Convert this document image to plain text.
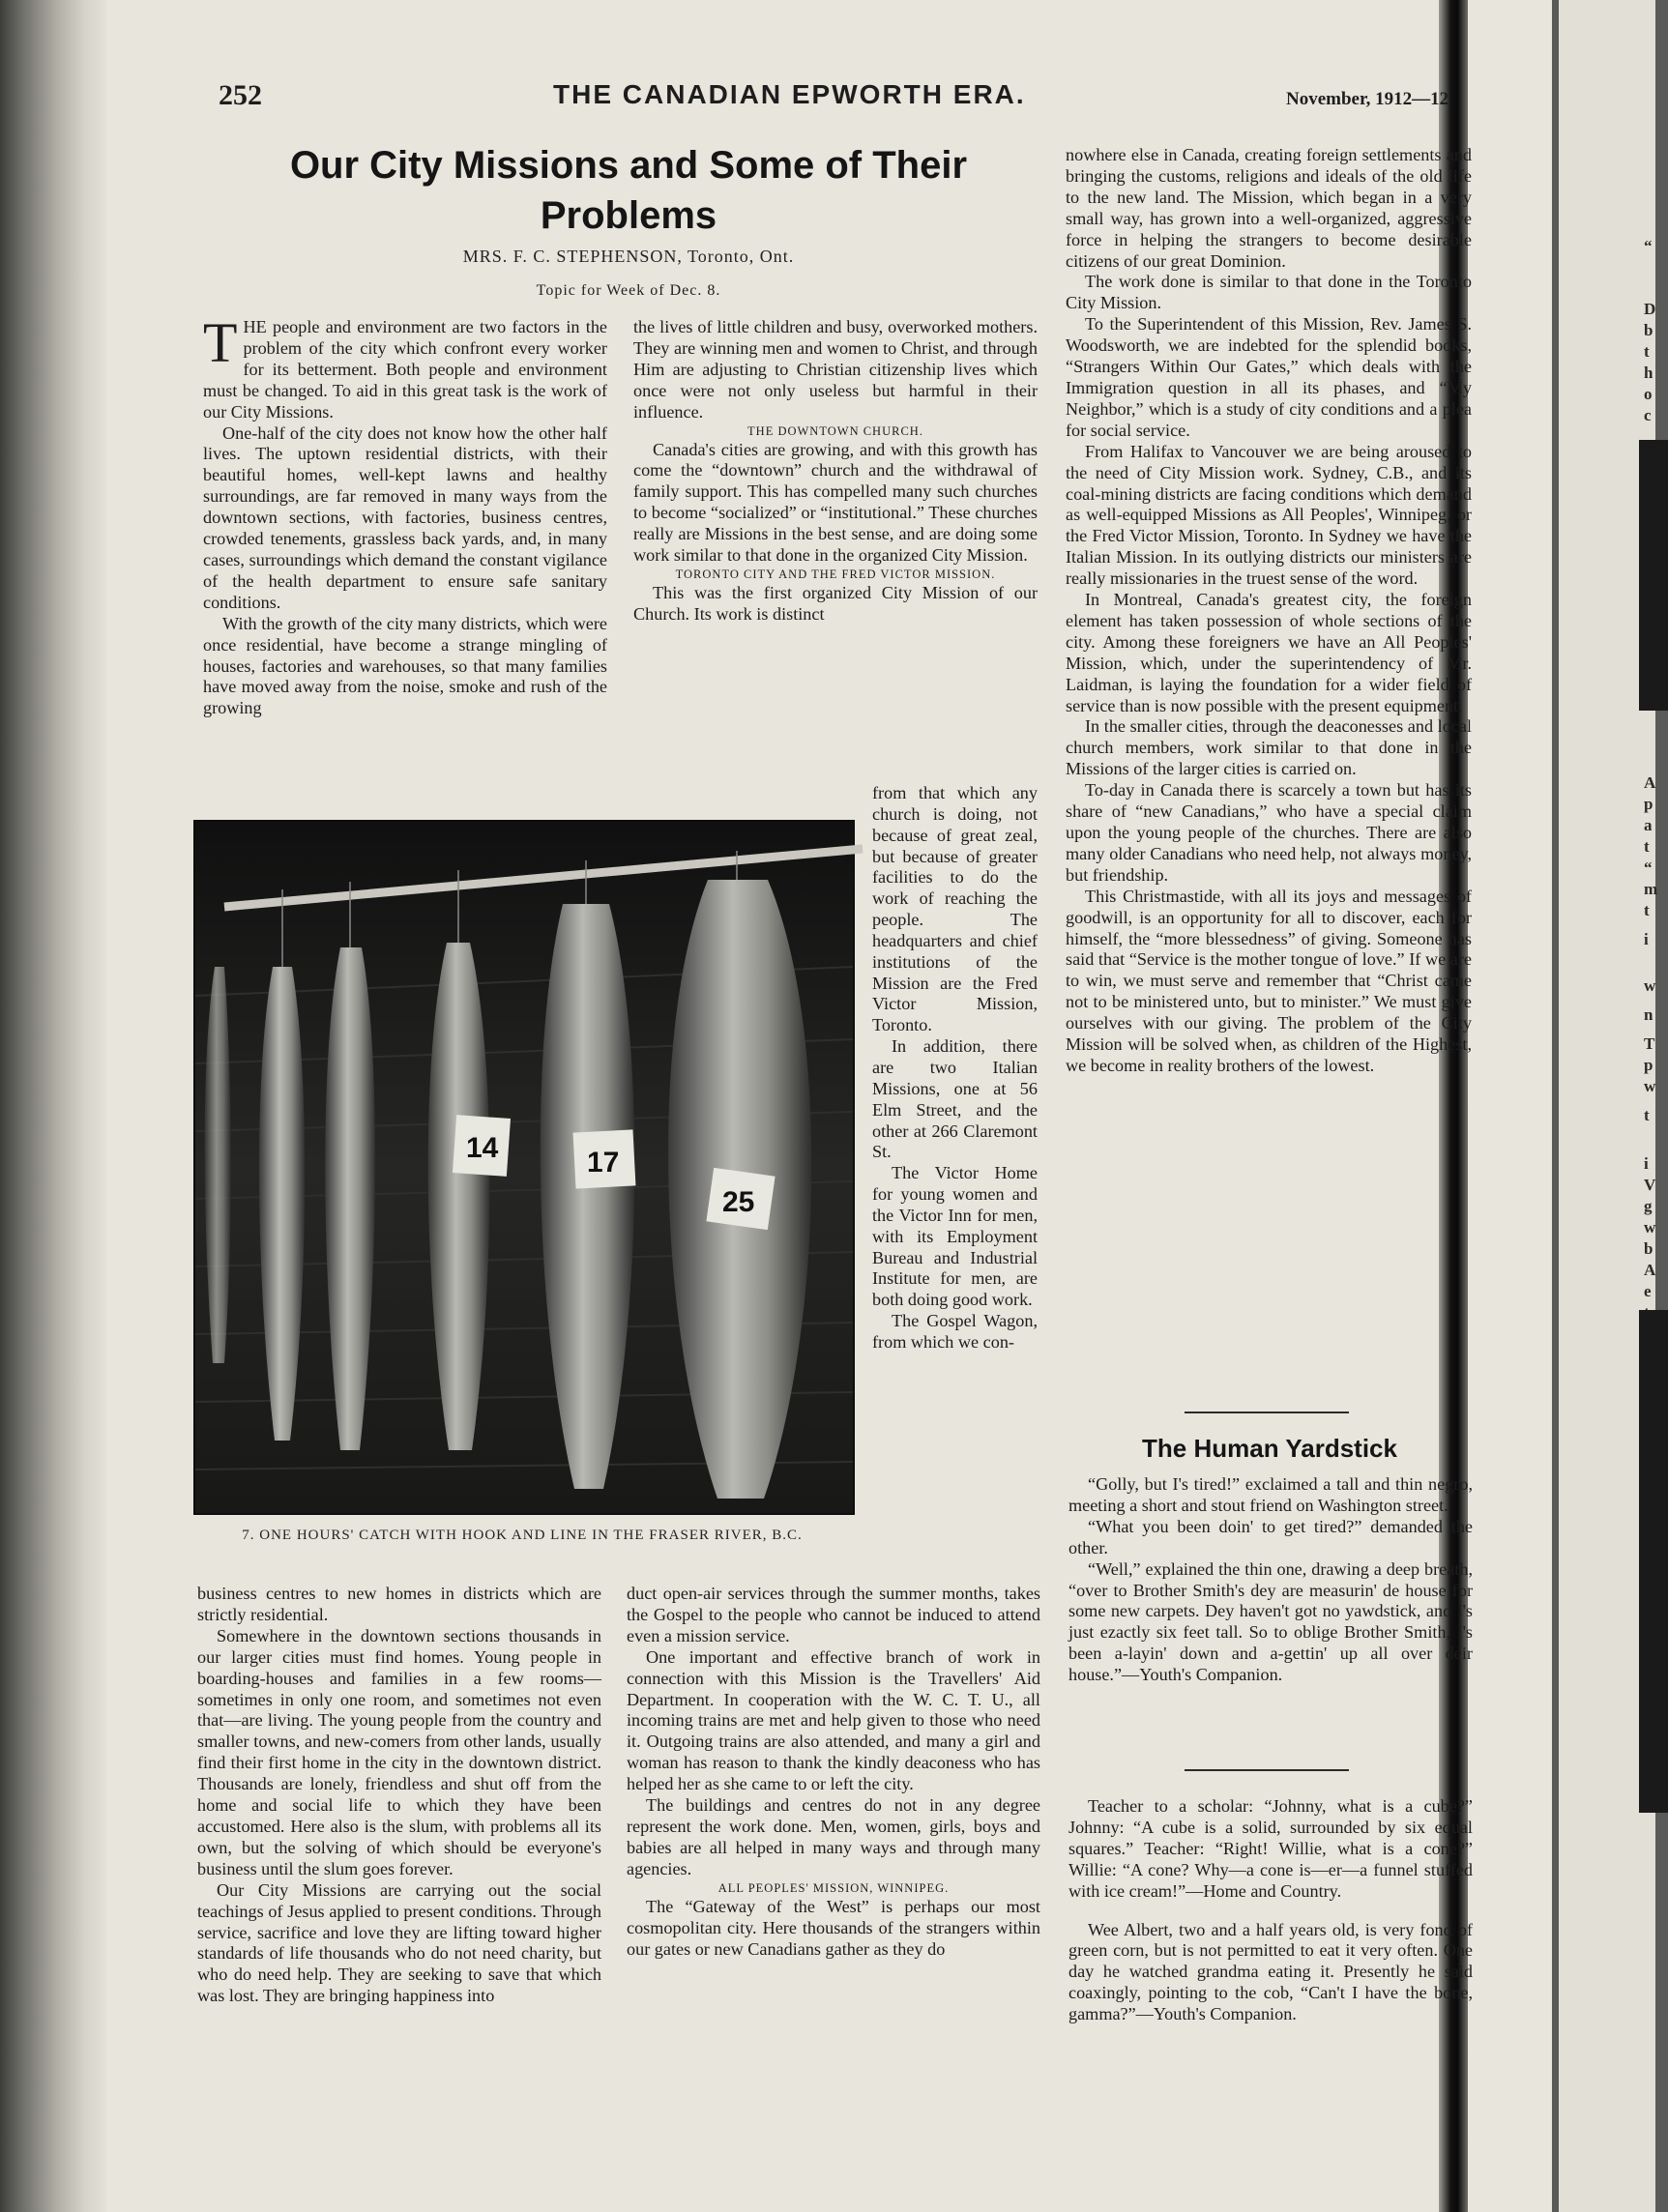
“
D
b
t
h
o
c
A
p
a
t
“
m
t
i
w
n
T
p
w
t
i
V
g
w
b
A
e
252	THE CANADIAN EPWORTH ERA.	November, 1912—12
Our City Missions and Some of Their Problems
MRS. F. C. STEPHENSON, Toronto, Ont.
Topic for Week of Dec. 8.
T HE people and environment are two factors in the problem of the city which confront every worker for its betterment. Both people and environment must be changed. To aid in this great task is the work of our City Missions.

One-half of the city does not know how the other half lives. The uptown residential districts, with their beautiful homes, well-kept lawns and healthy surroundings, are far removed in many ways from the downtown sections, with factories, business centres, crowded tenements, grassless back yards, and, in many cases, surroundings which demand the constant vigilance of the health department to ensure safe sanitary conditions.

With the growth of the city many districts, which were once residential, have become a strange mingling of houses, factories and warehouses, so that many families have moved away from the noise, smoke and rush of the growing

the lives of little children and busy, overworked mothers. They are winning men and women to Christ, and through Him are adjusting to Christian citizenship lives which once were not only useless but harmful in their influence.

THE DOWNTOWN CHURCH.

Canada's cities are growing, and with this growth has come the “downtown” church and the withdrawal of family support. This has compelled many such churches to become “socialized” or “institutional.” These churches really are Missions in the best sense, and are doing some work similar to that done in the organized City Mission.

TORONTO CITY AND THE FRED VICTOR MISSION.

This was the first organized City Mission of our Church. Its work is distinct

from that which any church is doing, not because of great zeal, but because of greater facilities to do the work of reaching the people. The headquarters and chief institutions of the Mission are the Fred Victor Mission, Toronto.

In addition, there are two Italian Missions, one at 56 Elm Street, and the other at 266 Claremont St.

The Victor Home for young women and the Victor Inn for men, with its Employment Bureau and Industrial Institute for men, are both doing good work.

The Gospel Wagon, from which we con-

14	17
25
7. ONE HOURS' CATCH WITH HOOK AND LINE IN THE FRASER RIVER, B.C.

business centres to new homes in districts which are strictly residential.

Somewhere in the downtown sections thousands in our larger cities must find homes. Young people in boarding-houses and families in a few rooms—sometimes in only one room, and sometimes not even that—are living. The young people from the country and smaller towns, and new-comers from other lands, usually find their first home in the city in the downtown district. Thousands are lonely, friendless and shut off from the home and social life to which they have been accustomed. Here also is the slum, with problems all its own, but the solving of which should be everyone's business until the slum goes forever.

Our City Missions are carrying out the social teachings of Jesus applied to present conditions. Through service, sacrifice and love they are lifting toward higher standards of life thousands who do not need charity, but who do need help. They are seeking to save that which was lost. They are bringing happiness into

duct open-air services through the summer months, takes the Gospel to the people who cannot be induced to attend even a mission service.

One important and effective branch of work in connection with this Mission is the Travellers' Aid Department. In cooperation with the W. C. T. U., all incoming trains are met and help given to those who need it. Outgoing trains are also attended, and many a girl and woman has reason to thank the kindly deaconess who has helped her as she came to or left the city.

The buildings and centres do not in any degree represent the work done. Men, women, girls, boys and babies are all helped in many ways and through many agencies.

ALL PEOPLES' MISSION, WINNIPEG.

The “Gateway of the West” is perhaps our most cosmopolitan city. Here thousands of the strangers within our gates or new Canadians gather as they do

nowhere else in Canada, creating foreign settlements and bringing the customs, religions and ideals of the old life to the new land. The Mission, which began in a very small way, has grown into a well-organized, aggressive force in helping the strangers to become desirable citizens of our great Dominion.

The work done is similar to that done in the Toronto City Mission.

To the Superintendent of this Mission, Rev. James S. Woodsworth, we are indebted for the splendid books, “Strangers Within Our Gates,” which deals with the Immigration question in all its phases, and “My Neighbor,” which is a study of city conditions and a plea for social service.

From Halifax to Vancouver we are being aroused to the need of City Mission work. Sydney, C.B., and its coal-mining districts are facing conditions which demand as well-equipped Missions as All Peoples', Winnipeg, or the Fred Victor Mission, Toronto. In Sydney we have the Italian Mission. In its outlying districts our ministers are really missionaries in the truest sense of the word.

In Montreal, Canada's greatest city, the foreign element has taken possession of whole sections of the city. Among these foreigners we have an All Peoples' Mission, which, under the superintendency of Mr. Laidman, is laying the foundation for a wider field of service than is now possible with the present equipment.

In the smaller cities, through the deaconesses and local church members, work similar to that done in the Missions of the larger cities is carried on.

To-day in Canada there is scarcely a town but has its share of “new Canadians,” who have a special claim upon the young people of the churches. There are also many older Canadians who need help, not always money, but friendship.

This Christmastide, with all its joys and messages of goodwill, is an opportunity for all to discover, each for himself, the “more blessedness” of giving. Someone has said that “Service is the mother tongue of love.” If we are to win, we must serve and remember that “Christ came not to be ministered unto, but to minister.” We must give ourselves with our giving. The problem of the City Mission will be solved when, as children of the Highest, we become in reality brothers of the lowest.

The Human Yardstick

“Golly, but I's tired!” exclaimed a tall and thin negro, meeting a short and stout friend on Washington street.

“What you been doin' to get tired?” demanded the other.

“Well,” explained the thin one, drawing a deep breath, “over to Brother Smith's dey are measurin' de house for some new carpets. Dey haven't got no yawdstick, and I's just ezactly six feet tall. So to oblige Brother Smith, I's been a-layin' down and a-gettin' up all over deir house.”—Youth's Companion.

Teacher to a scholar: “Johnny, what is a cube?” Johnny: “A cube is a solid, surrounded by six equal squares.” Teacher: “Right! Willie, what is a cone?” Willie: “A cone? Why—a cone is—er—a funnel stuffed with ice cream!”—Home and Country.

Wee Albert, two and a half years old, is very fond of green corn, but is not permitted to eat it very often. One day he watched grandma eating it. Presently he said coaxingly, pointing to the cob, “Can't I have the bone, gamma?”—Youth's Companion.
